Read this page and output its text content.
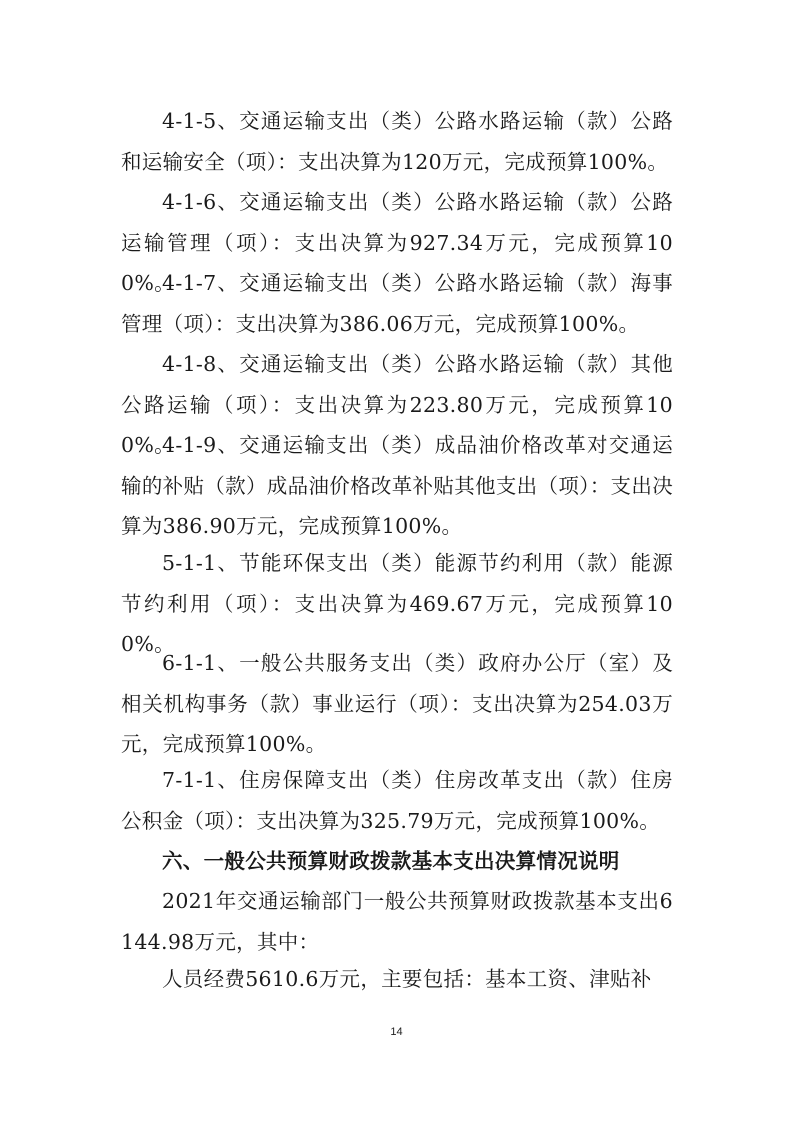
4-1-5、交通运输支出（类）公路水路运输（款）公路和运输安全（项）：支出决算为120万元，完成预算100%。

4-1-6、交通运输支出（类）公路水路运输（款）公路运输管理（项）：支出决算为927.34万元，完成预算100%。

4-1-7、交通运输支出（类）公路水路运输（款）海事管理（项）：支出决算为386.06万元，完成预算100%。

4-1-8、交通运输支出（类）公路水路运输（款）其他公路运输（项）：支出决算为223.80万元，完成预算100%。

4-1-9、交通运输支出（类）成品油价格改革对交通运输的补贴（款）成品油价格改革补贴其他支出（项）：支出决算为386.90万元，完成预算100%。

5-1-1、节能环保支出（类）能源节约利用（款）能源节约利用（项）：支出决算为469.67万元，完成预算100%。

6-1-1、一般公共服务支出（类）政府办公厅（室）及相关机构事务（款）事业运行（项）：支出决算为254.03万元，完成预算100%。

7-1-1、住房保障支出（类）住房改革支出（款）住房公积金（项）：支出决算为325.79万元，完成预算100%。

六、一般公共预算财政拨款基本支出决算情况说明

2021年交通运输部门一般公共预算财政拨款基本支出6144.98万元，其中：

人员经费5610.6万元，主要包括：基本工资、津贴补

14
